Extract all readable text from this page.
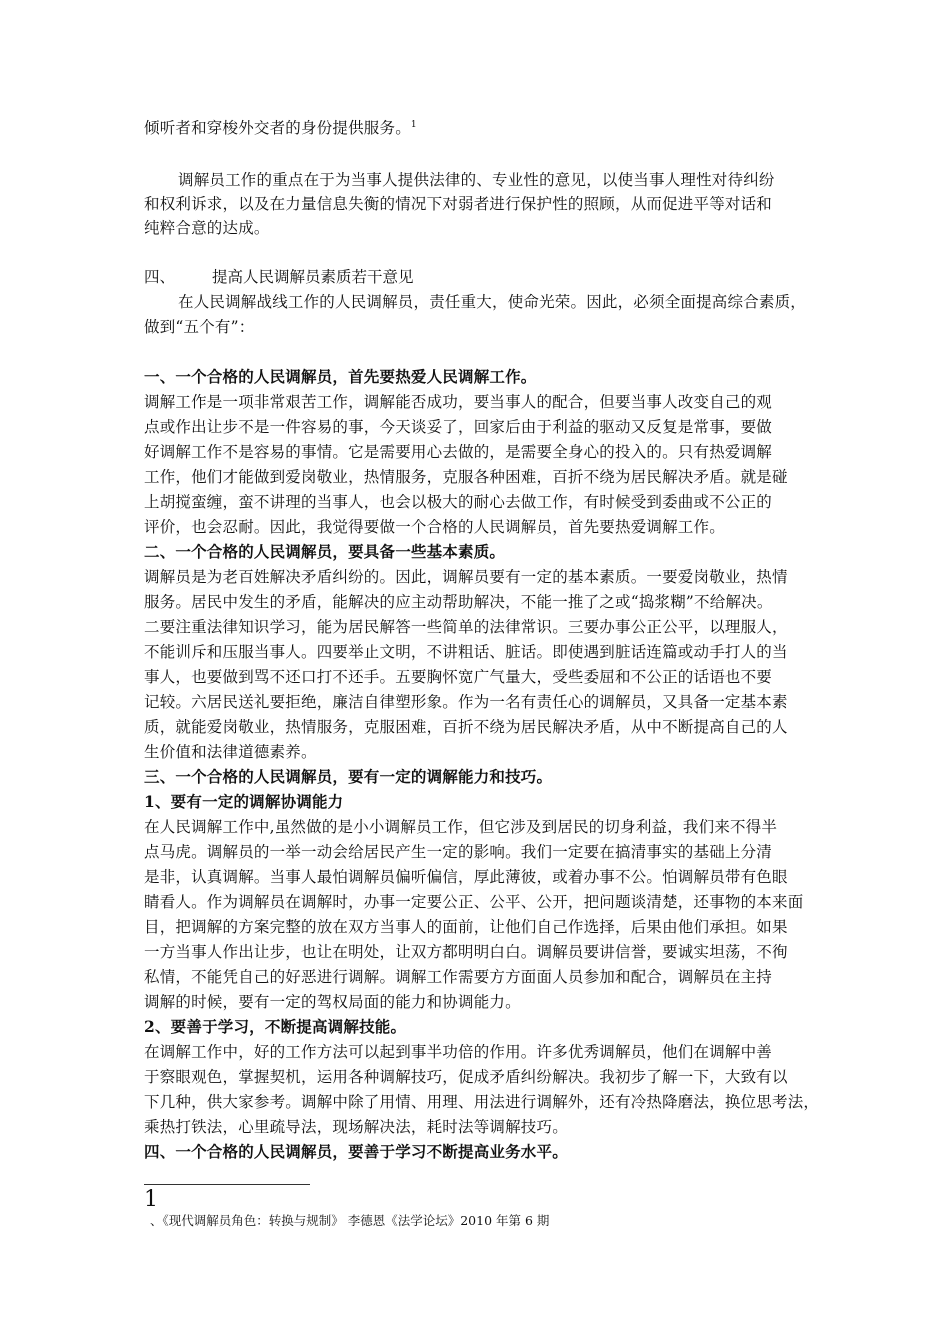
倾听者和穿梭外交者的身份提供服务。$^1$
调解员工作的重点在于为当事人提供法律的、专业性的意见，以使当事人理性对待纠纷
和权利诉求，以及在力量信息失衡的情况下对弱者进行保护性的照顾，从而促进平等对话和
纯粹合意的达成。
四、 提高人民调解员素质若干意见
在人民调解战线工作的人民调解员，责任重大，使命光荣。因此，必须全面提高综合素质，
做到“五个有”：
一、一个合格的人民调解员，首先要热爱人民调解工作。
调解工作是一项非常艰苦工作，调解能否成功，要当事人的配合，但要当事人改变自己的观
点或作出让步不是一件容易的事，今天谈妥了，回家后由于利益的驱动又反复是常事，要做
好调解工作不是容易的事情。它是需要用心去做的，是需要全身心的投入的。只有热爱调解
工作，他们才能做到爱岗敬业，热情服务，克服各种困难，百折不绕为居民解决矛盾。就是碰
上胡搅蛮缠，蛮不讲理的当事人，也会以极大的耐心去做工作，有时候受到委曲或不公正的
评价，也会忍耐。因此，我觉得要做一个合格的人民调解员，首先要热爱调解工作。
二、一个合格的人民调解员，要具备一些基本素质。
调解员是为老百姓解决矛盾纠纷的。因此，调解员要有一定的基本素质。一要爱岗敬业，热情
服务。居民中发生的矛盾，能解决的应主动帮助解决，不能一推了之或“捣浆糊”不给解决。
二要注重法律知识学习，能为居民解答一些简单的法律常识。三要办事公正公平，以理服人，
不能训斥和压服当事人。四要举止文明，不讲粗话、脏话。即使遇到脏话连篇或动手打人的当
事人，也要做到骂不还口打不还手。五要胸怀宽广气量大，受些委屈和不公正的话语也不要
记较。六居民送礼要拒绝，廉洁自律塑形象。作为一名有责任心的调解员，又具备一定基本素
质，就能爱岗敬业，热情服务，克服困难，百折不绕为居民解决矛盾，从中不断提高自己的人
生价值和法律道德素养。
三、一个合格的人民调解员，要有一定的调解能力和技巧。
1、要有一定的调解协调能力
在人民调解工作中,虽然做的是小小调解员工作，但它涉及到居民的切身利益，我们来不得半
点马虎。调解员的一举一动会给居民产生一定的影响。我们一定要在搞清事实的基础上分清
是非，认真调解。当事人最怕调解员偏听偏信，厚此薄彼，或着办事不公。怕调解员带有色眼
睛看人。作为调解员在调解时，办事一定要公正、公平、公开，把问题谈清楚，还事物的本来面
目，把调解的方案完整的放在双方当事人的面前，让他们自己作选择，后果由他们承担。如果
一方当事人作出让步，也让在明处，让双方都明明白白。调解员要讲信誉，要诚实坦荡，不徇
私情，不能凭自己的好恶进行调解。调解工作需要方方面面人员参加和配合，调解员在主持
调解的时候，要有一定的驾权局面的能力和协调能力。
2、要善于学习，不断提高调解技能。
在调解工作中，好的工作方法可以起到事半功倍的作用。许多优秀调解员，他们在调解中善
于察眼观色，掌握契机，运用各种调解技巧，促成矛盾纠纷解决。我初步了解一下，大致有以
下几种，供大家参考。调解中除了用情、用理、用法进行调解外，还有冷热降磨法，换位思考法，
乘热打铁法，心里疏导法，现场解决法，耗时法等调解技巧。
四、一个合格的人民调解员，要善于学习不断提高业务水平。
1
、《现代调解员角色：转换与规制》 李德恩《法学论坛》2010 年第 6 期
